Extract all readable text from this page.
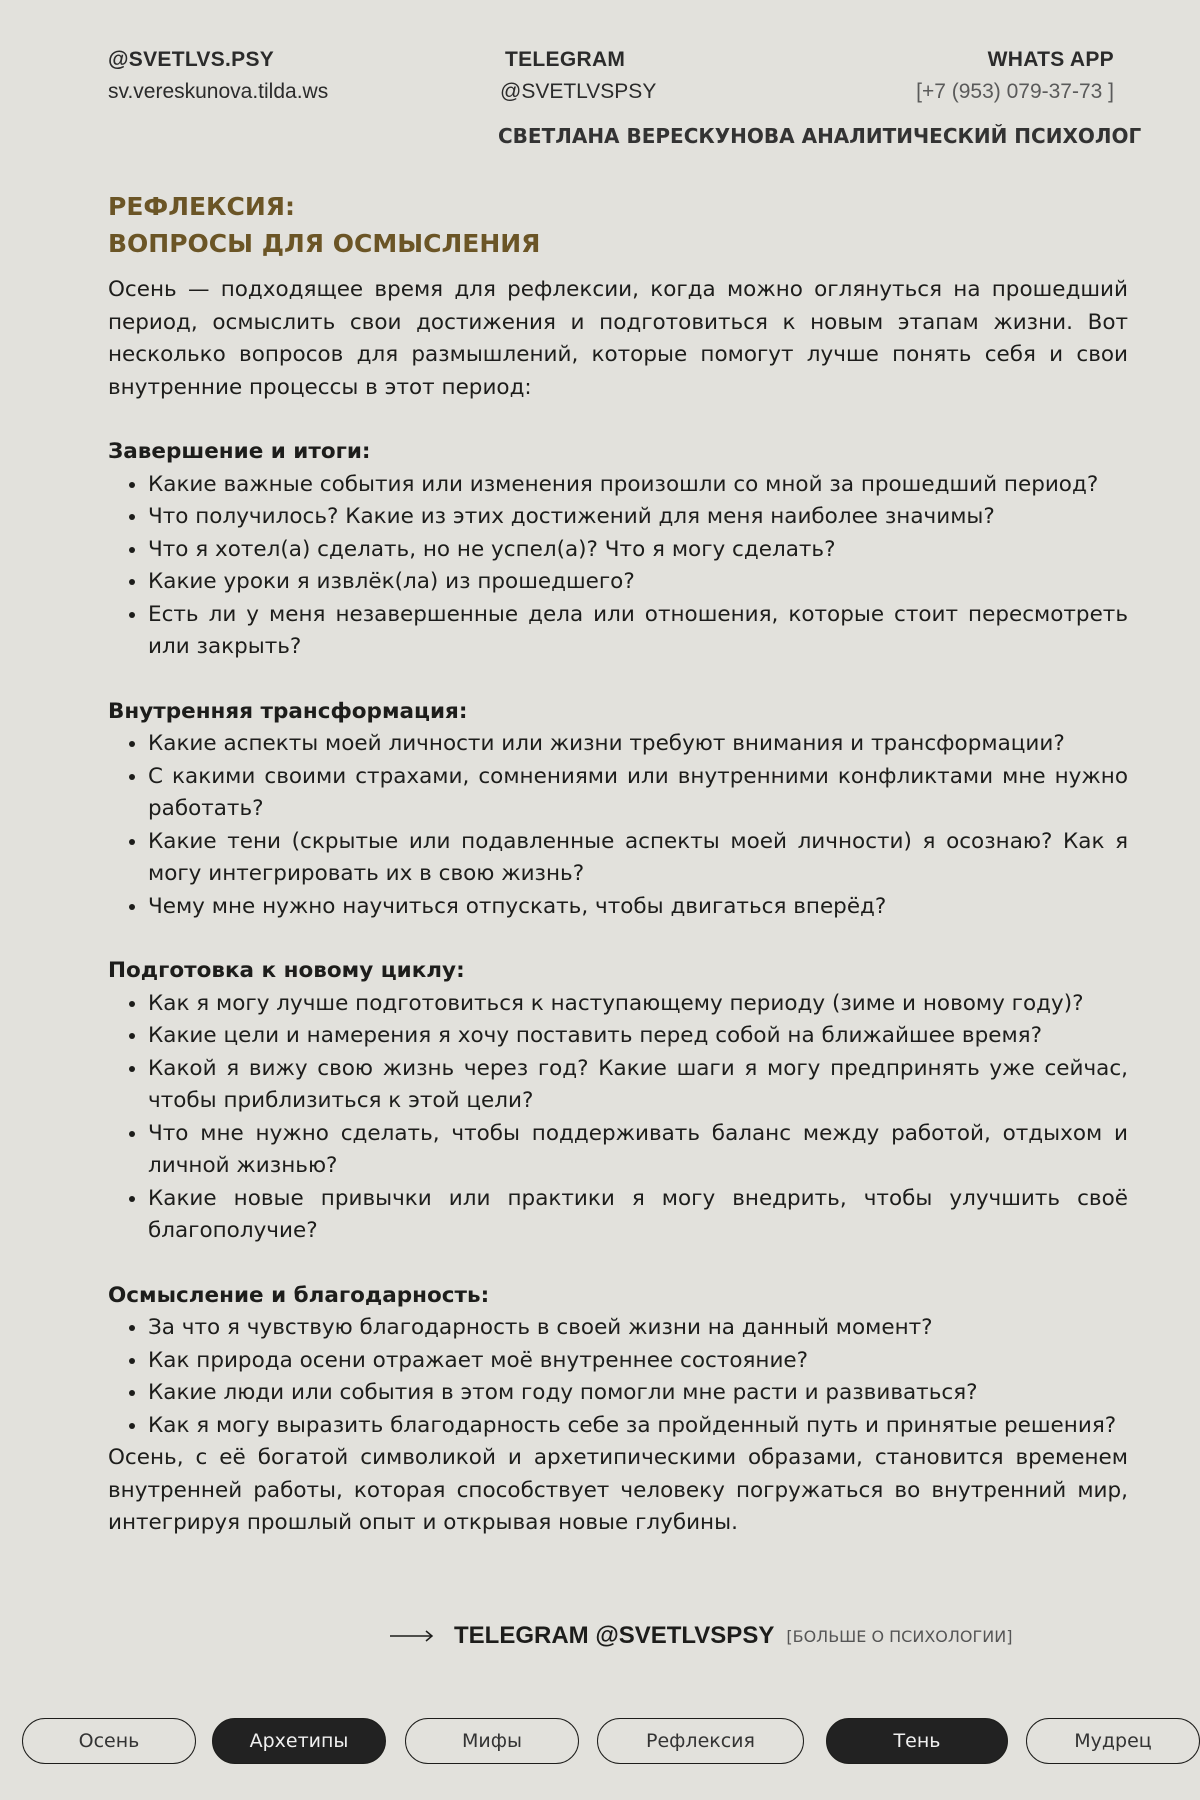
@SVETLVS.PSY
sv.vereskunova.tilda.ws
TELEGRAM
@SVETLVSPSY
WHATS APP
[+7 (953) 079-37-73 ]
СВЕТЛАНА ВЕРЕСКУНОВА АНАЛИТИЧЕСКИЙ ПСИХОЛОГ
РЕФЛЕКСИЯ:
ВОПРОСЫ ДЛЯ ОСМЫСЛЕНИЯ

Осень — подходящее время для рефлексии, когда можно оглянуться на прошедший период, осмыслить свои достижения и подготовиться к новым этапам жизни. Вот несколько вопросов для размышлений, которые помогут лучше понять себя и свои внутренние процессы в этот период:

Завершение и итоги:
• Какие важные события или изменения произошли со мной за прошедший период?
• Что получилось? Какие из этих достижений для меня наиболее значимы?
• Что я хотел(а) сделать, но не успел(а)? Что я могу сделать?
• Какие уроки я извлёк(ла) из прошедшего?
• Есть ли у меня незавершенные дела или отношения, которые стоит пересмотреть или закрыть?
Внутренняя трансформация:
• Какие аспекты моей личности или жизни требуют внимания и трансформации?
• С какими своими страхами, сомнениями или внутренними конфликтами мне нужно работать?
• Какие тени (скрытые или подавленные аспекты моей личности) я осознаю? Как я могу интегрировать их в свою жизнь?
• Чему мне нужно научиться отпускать, чтобы двигаться вперёд?
Подготовка к новому циклу:
• Как я могу лучше подготовиться к наступающему периоду (зиме и новому году)?
• Какие цели и намерения я хочу поставить перед собой на ближайшее время?
• Какой я вижу свою жизнь через год? Какие шаги я могу предпринять уже сейчас, чтобы приблизиться к этой цели?
• Что мне нужно сделать, чтобы поддерживать баланс между работой, отдыхом и личной жизнью?
• Какие новые привычки или практики я могу внедрить, чтобы улучшить своё благополучие?
Осмысление и благодарность:
• За что я чувствую благодарность в своей жизни на данный момент?
• Как природа осени отражает моё внутреннее состояние?
• Какие люди или события в этом году помогли мне расти и развиваться?
• Как я могу выразить благодарность себе за пройденный путь и принятые решения?

Осень, с её богатой символикой и архетипическими образами, становится временем внутренней работы, которая способствует человеку погружаться во внутренний мир, интегрируя прошлый опыт и открывая новые глубины.

TELEGRAM @SVETLVSPSY [БОЛЬШЕ О ПСИХОЛОГИИ]
Осень	Архетипы	Мифы	Рефлексия	Тень	Мудрец
